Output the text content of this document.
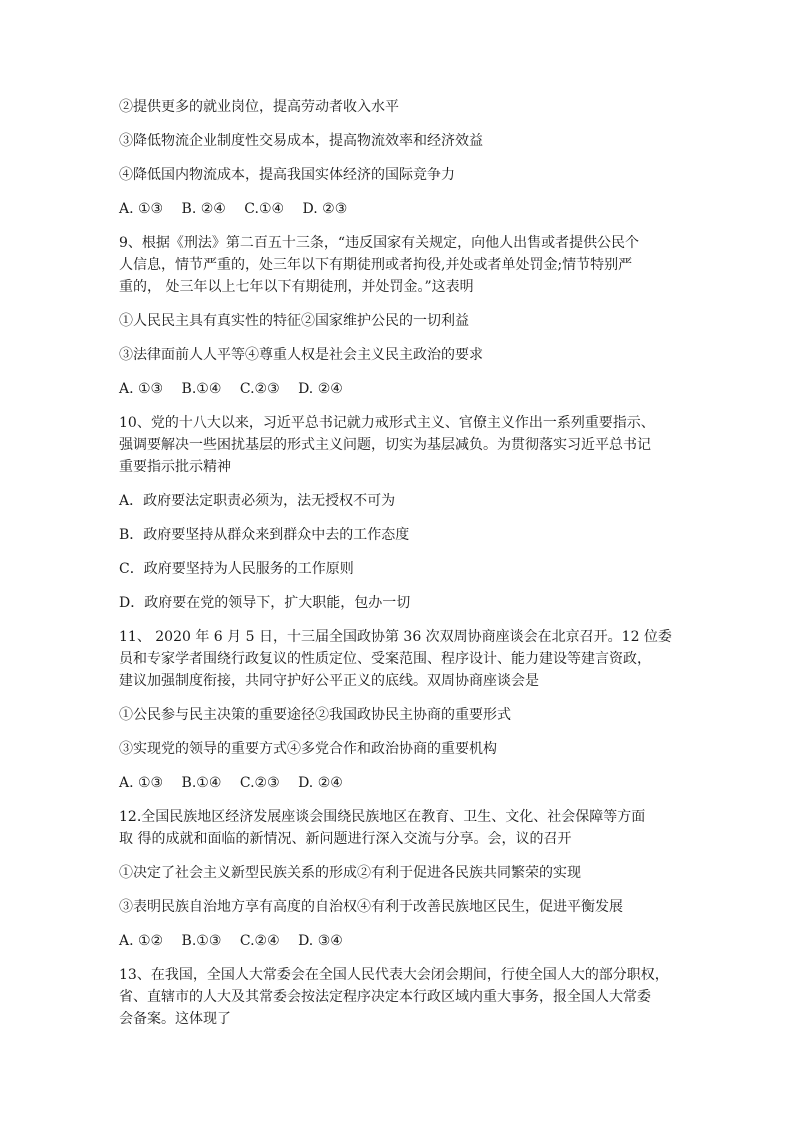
②提供更多的就业岗位，提高劳动者收入水平
③降低物流企业制度性交易成本，提高物流效率和经济效益
④降低国内物流成本，提高我国实体经济的国际竞争力
A. ①③　 B. ②④　 C.①④　 D. ②③
9、根据《刑法》第二百五十三条，“违反国家有关规定，向他人出售或者提供公民个
人信息，情节严重的，处三年以下有期徒刑或者拘役,并处或者单处罚金;情节特别严
重的， 处三年以上七年以下有期徒刑，并处罚金。”这表明
①人民民主具有真实性的特征②国家维护公民的一切利益
③法律面前人人平等④尊重人权是社会主义民主政治的要求
A. ①③　 B.①④　 C.②③　 D. ②④
10、党的十八大以来，习近平总书记就力戒形式主义、官僚主义作出一系列重要指示、
强调要解决一些困扰基层的形式主义问题，切实为基层减负。为贯彻落实习近平总书记
重要指示批示精神
A．政府要法定职责必须为，法无授权不可为
B．政府要坚持从群众来到群众中去的工作态度
C．政府要坚持为人民服务的工作原则
D．政府要在党的领导下，扩大职能，包办一切
11、 2020 年 6 月 5 日，十三届全国政协第 36 次双周协商座谈会在北京召开。12 位委
员和专家学者围绕行政复议的性质定位、受案范围、程序设计、能力建设等建言资政，
建议加强制度衔接，共同守护好公平正义的底线。双周协商座谈会是
①公民参与民主决策的重要途径②我国政协民主协商的重要形式
③实现党的领导的重要方式④多党合作和政治协商的重要机构
A. ①③　 B.①④　 C.②③　 D. ②④
12.全国民族地区经济发展座谈会围绕民族地区在教育、卫生、文化、社会保障等方面
取 得的成就和面临的新情况、新问题进行深入交流与分享。会，议的召开
①决定了社会主义新型民族关系的形成②有利于促进各民族共同繁荣的实现
③表明民族自治地方享有高度的自治权④有利于改善民族地区民生，促进平衡发展
A. ①②　 B.①③　 C.②④　 D. ③④
13、在我国，全国人大常委会在全国人民代表大会闭会期间，行使全国人大的部分职权，
省、直辖市的人大及其常委会按法定程序决定本行政区域内重大事务，报全国人大常委
会备案。这体现了
